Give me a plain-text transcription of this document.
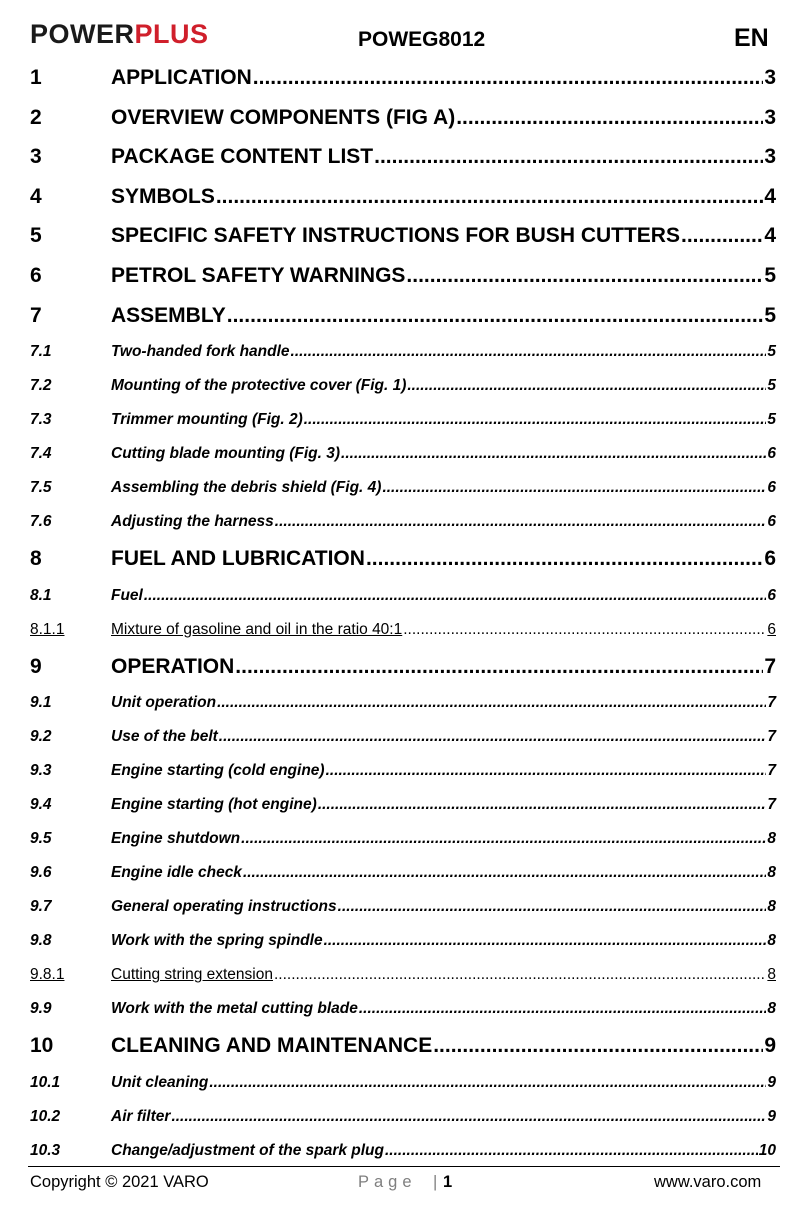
POWERPLUS	POWEG8012	EN
1	APPLICATION .....	3
2	OVERVIEW COMPONENTS (FIG A) .....	3
3	PACKAGE CONTENT LIST .....	3
4	SYMBOLS .....	4
5	SPECIFIC SAFETY INSTRUCTIONS FOR BUSH CUTTERS .....	4
6	PETROL SAFETY WARNINGS .....	5
7	ASSEMBLY .....	5
7.1	Two-handed fork handle .....	5
7.2	Mounting of the protective cover (Fig. 1) .....	5
7.3	Trimmer mounting (Fig. 2) .....	5
7.4	Cutting blade mounting (Fig. 3) .....	6
7.5	Assembling the debris shield (Fig. 4) .....	6
7.6	Adjusting the harness .....	6
8	FUEL AND LUBRICATION .....	6
8.1	Fuel .....	6
8.1.1	Mixture of gasoline and oil in the ratio 40:1 .....	6
9	OPERATION .....	7
9.1	Unit operation .....	7
9.2	Use of the belt .....	7
9.3	Engine starting (cold engine) .....	7
9.4	Engine starting (hot engine) .....	7
9.5	Engine shutdown .....	8
9.6	Engine idle check .....	8
9.7	General operating instructions .....	8
9.8	Work with the spring spindle .....	8
9.8.1	Cutting string extension .....	8
9.9	Work with the metal cutting blade .....	8
10	CLEANING AND MAINTENANCE .....	9
10.1	Unit cleaning .....	9
10.2	Air filter .....	9
10.3	Change/adjustment of the spark plug .....	10
Copyright © 2021 VARO	Page | 1	www.varo.com
